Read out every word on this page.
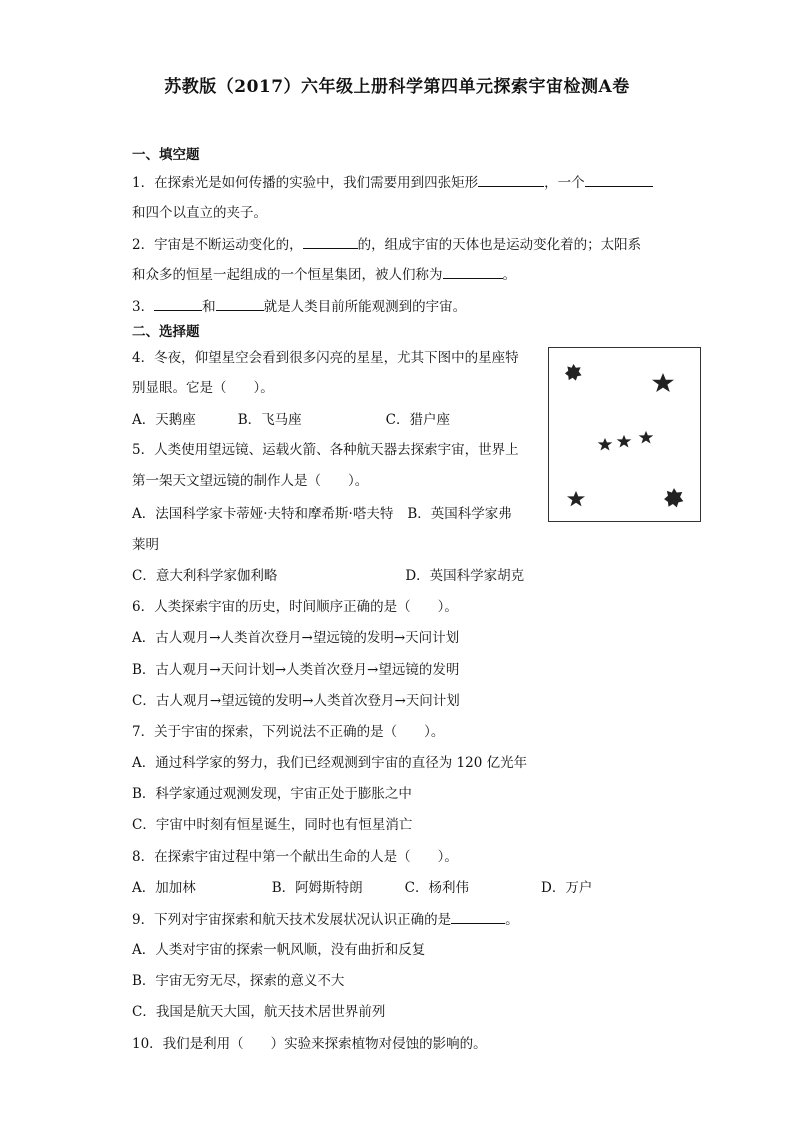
苏教版（2017）六年级上册科学第四单元探索宇宙检测A卷
一、填空题
1．在探索光是如何传播的实验中，我们需要用到四张矩形	，一个
和四个以直立的夹子。
2．宇宙是不断运动变化的，	的，组成宇宙的天体也是运动变化着的；太阳系
和众多的恒星一起组成的一个恒星集团，被人们称为	。
3．	和	就是人类目前所能观测到的宇宙。
二、选择题
4．冬夜，仰望星空会看到很多闪亮的星星，尤其下图中的星座特
别显眼。它是（　　）。
A．天鹅座	B．飞马座	C．猎户座
5．人类使用望远镜、运载火箭、各种航天器去探索宇宙，世界上
第一架天文望远镜的制作人是（　　）。
A．法国科学家卡蒂娅·夫特和摩希斯·嗒夫特 B．英国科学家弗
莱明
C．意大利科学家伽利略	D．英国科学家胡克
6．人类探索宇宙的历史，时间顺序正确的是（　　）。
A．古人观月→人类首次登月→望远镜的发明→天问计划
B．古人观月→天问计划→人类首次登月→望远镜的发明
C．古人观月→望远镜的发明→人类首次登月→天问计划
7．关于宇宙的探索，下列说法不正确的是（　　）。
A．通过科学家的努力，我们已经观测到宇宙的直径为 120 亿光年
B．科学家通过观测发现，宇宙正处于膨胀之中
C．宇宙中时刻有恒星诞生，同时也有恒星消亡
8．在探索宇宙过程中第一个献出生命的人是（　　）。
A．加加林	B．阿姆斯特朗	C．杨利伟	D．万户
9．下列对宇宙探索和航天技术发展状况认识正确的是	。
A．人类对宇宙的探索一帆风顺，没有曲折和反复
B．宇宙无穷无尽，探索的意义不大
C．我国是航天大国，航天技术居世界前列
10．我们是利用（　　）实验来探索植物对侵蚀的影响的。
